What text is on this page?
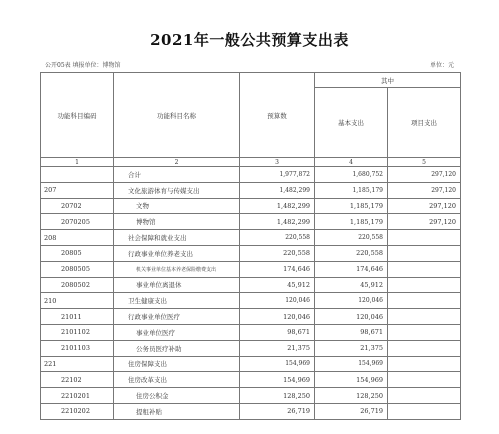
2021年一般公共预算支出表
公开05表 填报单位：博物馆	单位：元
功能科目编码	功能科目名称	预算数	其中	
			基本支出	项目支出
1	2	3	4	5
	合计	1,977,872	1,680,752	297,120
207	文化旅游体育与传媒支出	1,482,299	1,185,179	297,120
20702	文物	1,482,299	1,185,179	297,120
2070205	博物馆	1,482,299	1,185,179	297,120
208	社会保障和就业支出	220,558	220,558	
20805	行政事业单位养老支出	220,558	220,558	
2080505	机关事业单位基本养老保险缴费支出	174,646	174,646	
2080502	事业单位离退休	45,912	45,912	
210	卫生健康支出	120,046	120,046	
21011	行政事业单位医疗	120,046	120,046	
2101102	事业单位医疗	98,671	98,671	
2101103	公务员医疗补助	21,375	21,375	
221	住房保障支出	154,969	154,969	
22102	住房改革支出	154,969	154,969	
2210201	住房公积金	128,250	128,250	
2210202	提租补贴	26,719	26,719	
